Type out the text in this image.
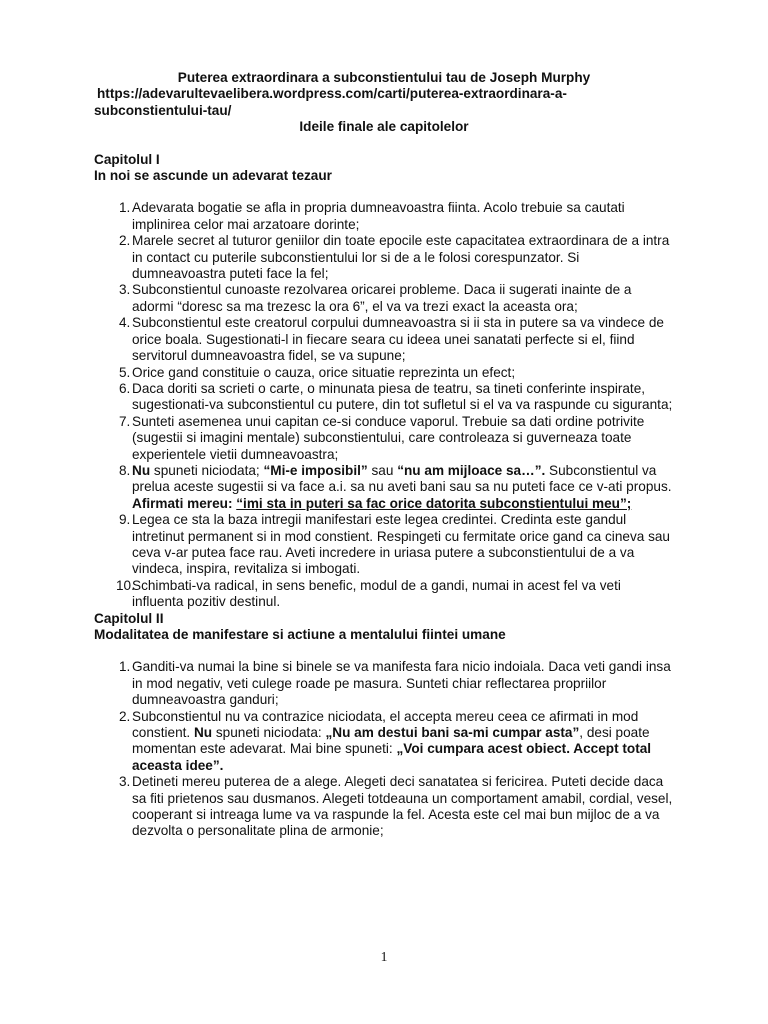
Puterea extraordinara a subconstientului tau de Joseph Murphy
https://adevarultevaelibera.wordpress.com/carti/puterea-extraordinara-a-
subconstientului-tau/
Ideile finale ale capitolelor
Capitolul I
In noi se ascunde un adevarat tezaur
1. Adevarata bogatie se afla in propria dumneavoastra fiinta. Acolo trebuie sa cautati implinirea celor mai arzatoare dorinte;
2. Marele secret al tuturor geniilor din toate epocile este capacitatea extraordinara de a intra in contact cu puterile subconstientului lor si de a le folosi corespunzator. Si dumneavoastra puteti face la fel;
3. Subconstientul cunoaste rezolvarea oricarei probleme. Daca ii sugerati inainte de a adormi “doresc sa ma trezesc la ora 6”, el va va trezi exact la aceasta ora;
4. Subconstientul este creatorul corpului dumneavoastra si ii sta in putere sa va vindece de orice boala. Sugestionati-l in fiecare seara cu ideea unei sanatati perfecte si el, fiind servitorul dumneavoastra fidel, se va supune;
5. Orice gand constituie o cauza, orice situatie reprezinta un efect;
6. Daca doriti sa scrieti o carte, o minunata piesa de teatru, sa tineti conferinte inspirate, sugestionati-va subconstientul cu putere, din tot sufletul si el va va raspunde cu siguranta;
7. Sunteti asemenea unui capitan ce-si conduce vaporul. Trebuie sa dati ordine potrivite (sugestii si imagini mentale) subconstientului, care controleaza si guverneaza toate experientele vietii dumneavoastra;
8. Nu spuneti niciodata; “Mi-e imposibil” sau “nu am mijloace sa…”. Subconstientul va prelua aceste sugestii si va face a.i. sa nu aveti bani sau sa nu puteti face ce v-ati propus. Afirmati mereu: “imi sta in puteri sa fac orice datorita subconstientului meu”;
9. Legea ce sta la baza intregii manifestari este legea credintei. Credinta este gandul intretinut permanent si in mod constient. Respingeti cu fermitate orice gand ca cineva sau ceva v-ar putea face rau. Aveti incredere in uriasa putere a subconstientului de a va vindeca, inspira, revitaliza si imbogati.
10.
Schimbati-va radical, in sens benefic, modul de a gandi, numai in acest fel va veti influenta pozitiv destinul.
Capitolul II
Modalitatea de manifestare si actiune a mentalului fiintei umane
1. Ganditi-va numai la bine si binele se va manifesta fara nicio indoiala. Daca veti gandi insa in mod negativ, veti culege roade pe masura. Sunteti chiar reflectarea propriilor dumneavoastra ganduri;
2. Subconstientul nu va contrazice niciodata, el accepta mereu ceea ce afirmati in mod constient. Nu spuneti niciodata: „Nu am destui bani sa-mi cumpar asta”, desi poate momentan este adevarat. Mai bine spuneti: „Voi cumpara acest obiect. Accept total aceasta idee”.
3. Detineti mereu puterea de a alege. Alegeti deci sanatatea si fericirea. Puteti decide daca sa fiti prietenos sau dusmanos. Alegeti totdeauna un comportament amabil, cordial, vesel, cooperant si intreaga lume va va raspunde la fel. Acesta este cel mai bun mijloc de a va dezvolta o personalitate plina de armonie;
1
